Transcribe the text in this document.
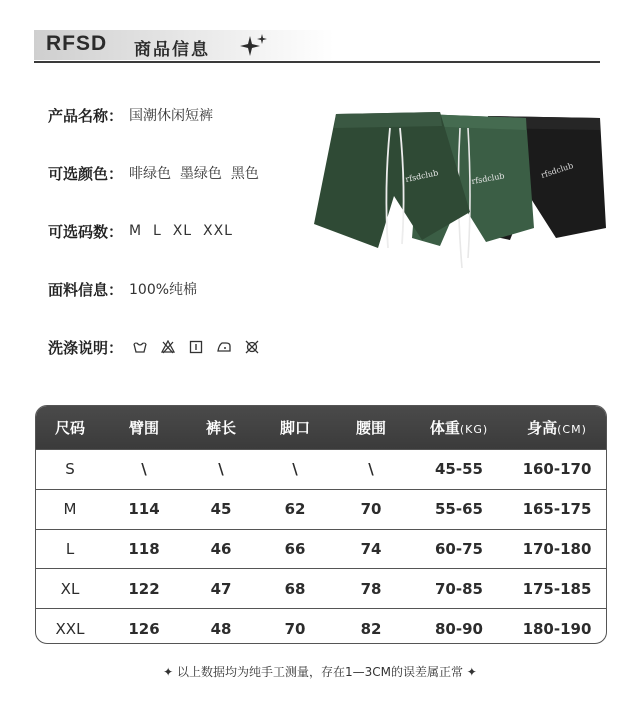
RFSD 商品信息
产品名称： 国潮休闲短裤
可选颜色： 啡绿色  墨绿色  黑色
可选码数： M  L  XL  XXL
面料信息： 100%纯棉
洗涤说明：
rfsdclub
rfsdclub
rfsdclub
尺码	臂围	裤长	脚口	腰围	体重(KG)	身高(CM)
S	\	\	\	\	45-55	160-170
M	114	45	62	70	55-65	165-175
L	118	46	66	74	60-75	170-180
XL	122	47	68	78	70-85	175-185
XXL	126	48	70	82	80-90	180-190
✦ 以上数据均为纯手工测量，存在1—3CM的误差属正常 ✦
